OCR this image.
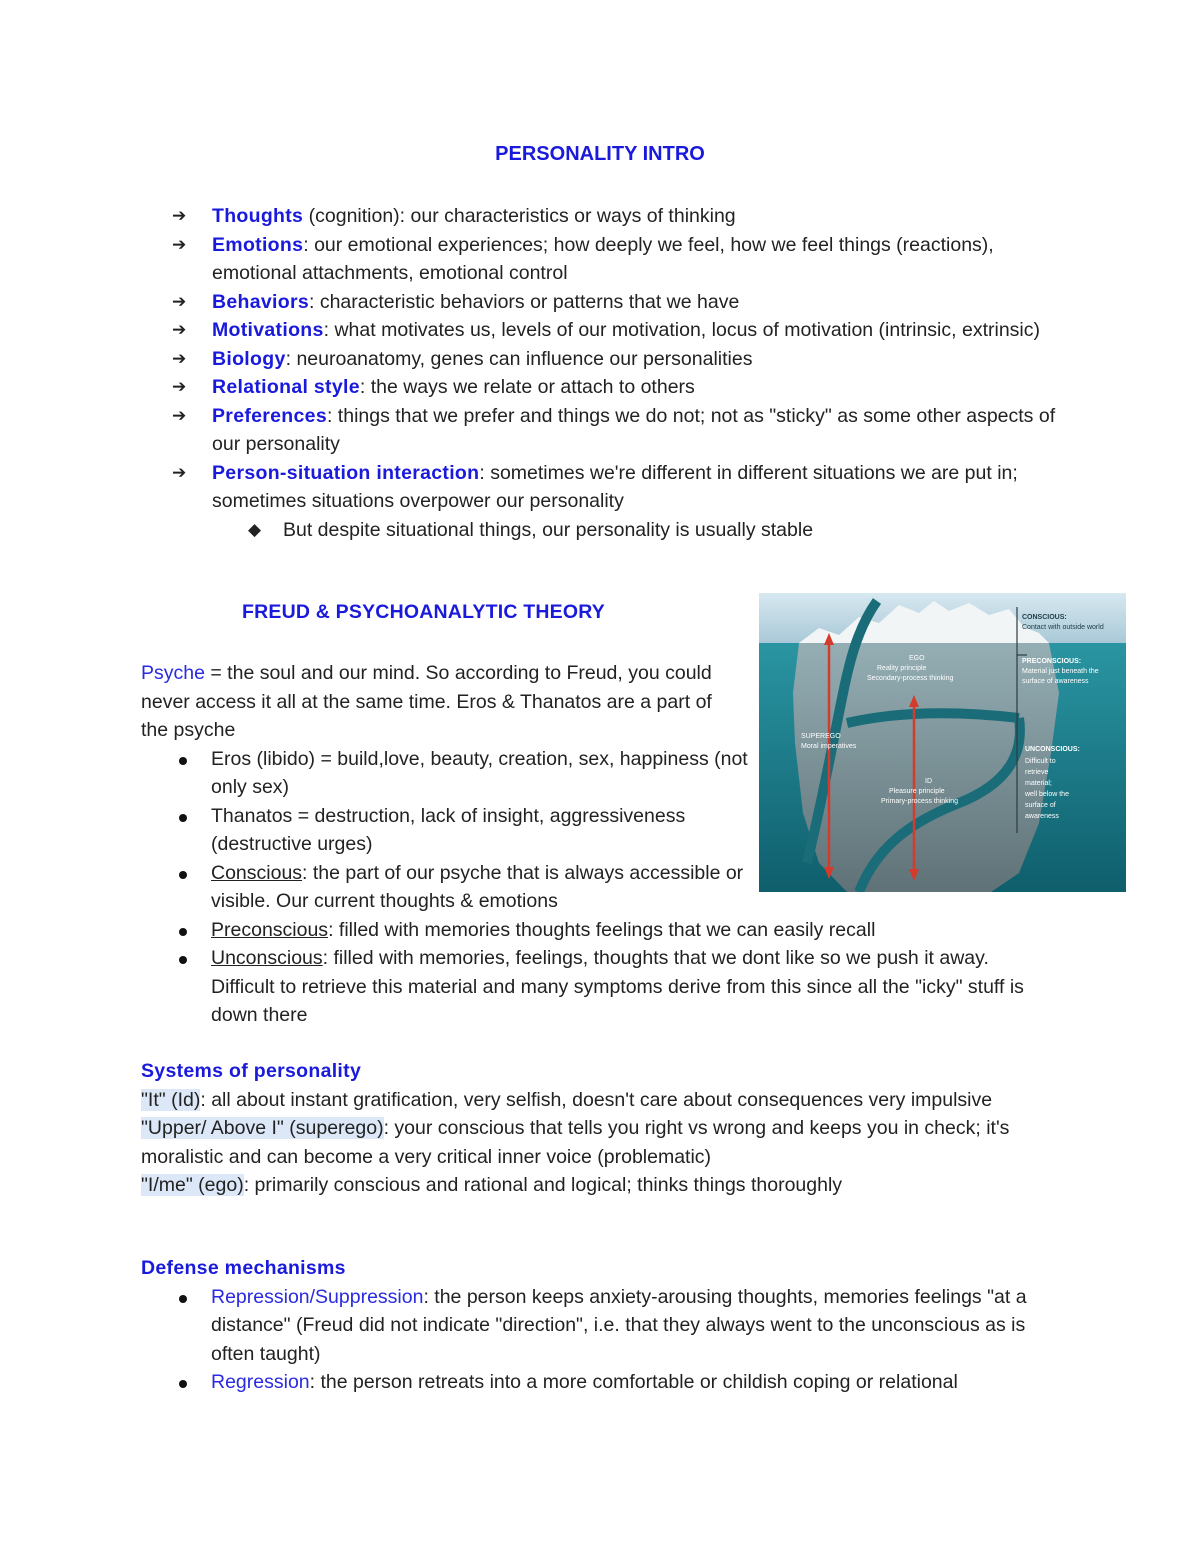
PERSONALITY INTRO
➔ Thoughts (cognition): our characteristics or ways of thinking
➔ Emotions: our emotional experiences; how deeply we feel, how we feel things (reactions), emotional attachments, emotional control
➔ Behaviors: characteristic behaviors or patterns that we have
➔ Motivations: what motivates us, levels of our motivation, locus of motivation (intrinsic, extrinsic)
➔ Biology: neuroanatomy, genes can influence our personalities
➔ Relational style: the ways we relate or attach to others
➔ Preferences: things that we prefer and things we do not; not as "sticky" as some other aspects of our personality
➔ Person-situation interaction: sometimes we're different in different situations we are put in; sometimes situations overpower our personality
◆	But despite situational things, our personality is usually stable
FREUD & PSYCHOANALYTIC THEORY	CONSCIOUS:
Contact with outside world
PRECONSCIOUS:
Material just beneath the
surface of awareness
UNCONSCIOUS:
Difficult to
retrieve
material;
well below the
surface of
awareness
EGO
Reality principle
Secondary-process thinking
SUPEREGO
Moral imperatives
ID
Pleasure principle
Primary-process thinking
Psyche = the soul and our mind. So according to Freud, you could never access it all at the same time. Eros & Thanatos are a part of the psyche
Eros (libido) = build,love, beauty, creation, sex, happiness (not only sex)
Thanatos = destruction, lack of insight, aggressiveness (destructive urges)
Conscious: the part of our psyche that is always accessible or visible. Our current thoughts & emotions
Preconscious: filled with memories thoughts feelings that we can easily recall
Unconscious: filled with memories, feelings, thoughts that we dont like so we push it away. Difficult to retrieve this material and many symptoms derive from this since all the "icky" stuff is down there
Systems of personality
"It" (Id): all about instant gratification, very selfish, doesn't care about consequences very impulsive
"Upper/ Above I" (superego): your conscious that tells you right vs wrong and keeps you in check; it's moralistic and can become a very critical inner voice (problematic)
"I/me" (ego): primarily conscious and rational and logical; thinks things thoroughly
Defense mechanisms
Repression/Suppression: the person keeps anxiety-arousing thoughts, memories feelings "at a distance" (Freud did not indicate "direction", i.e. that they always went to the unconscious as is often taught)
Regression: the person retreats into a more comfortable or childish coping or relational
